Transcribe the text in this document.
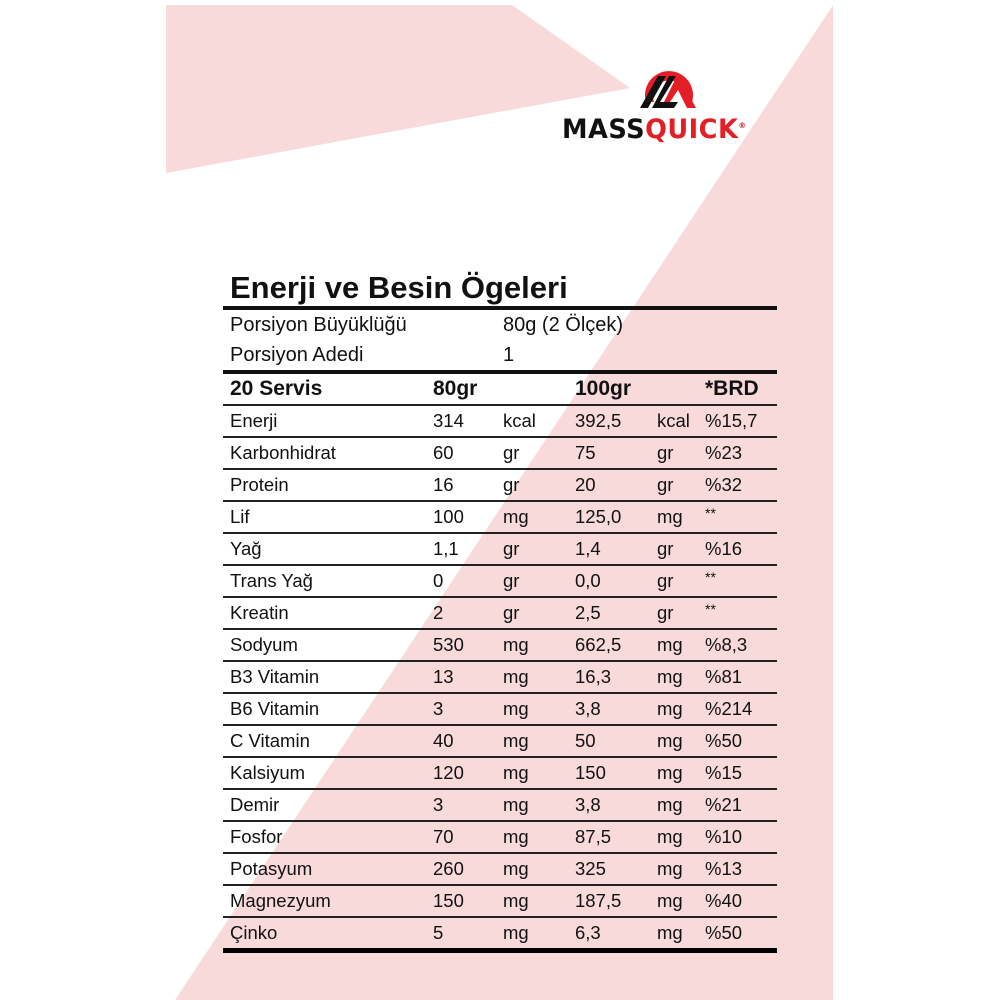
MASSQUICK®
Enerji ve Besin Ögeleri
Porsiyon Büyüklüğü	80g (2 Ölçek)
Porsiyon Adedi	1
20 Servis	80gr	100gr	*BRD
Enerji	314	kcal	392,5	kcal %15,7
Karbonhidrat	60	gr	75	gr	%23
Protein	16	gr	20	gr	%32
Lif	100	mg	125,0	mg	**
Yağ	1,1	gr	1,4	gr	%16
Trans Yağ	0	gr	0,0	gr	**
Kreatin	2	gr	2,5	gr	**
Sodyum	530	mg	662,5	mg	%8,3
B3 Vitamin	13	mg	16,3	mg	%81
B6 Vitamin	3	mg	3,8	mg	%214
C Vitamin	40	mg	50	mg	%50
Kalsiyum	120	mg	150	mg	%15
Demir	3	mg	3,8	mg	%21
Fosfor	70	mg	87,5	mg	%10
Potasyum	260	mg	325	mg	%13
Magnezyum	150	mg	187,5	mg	%40
Çinko	5	mg	6,3	mg	%50
